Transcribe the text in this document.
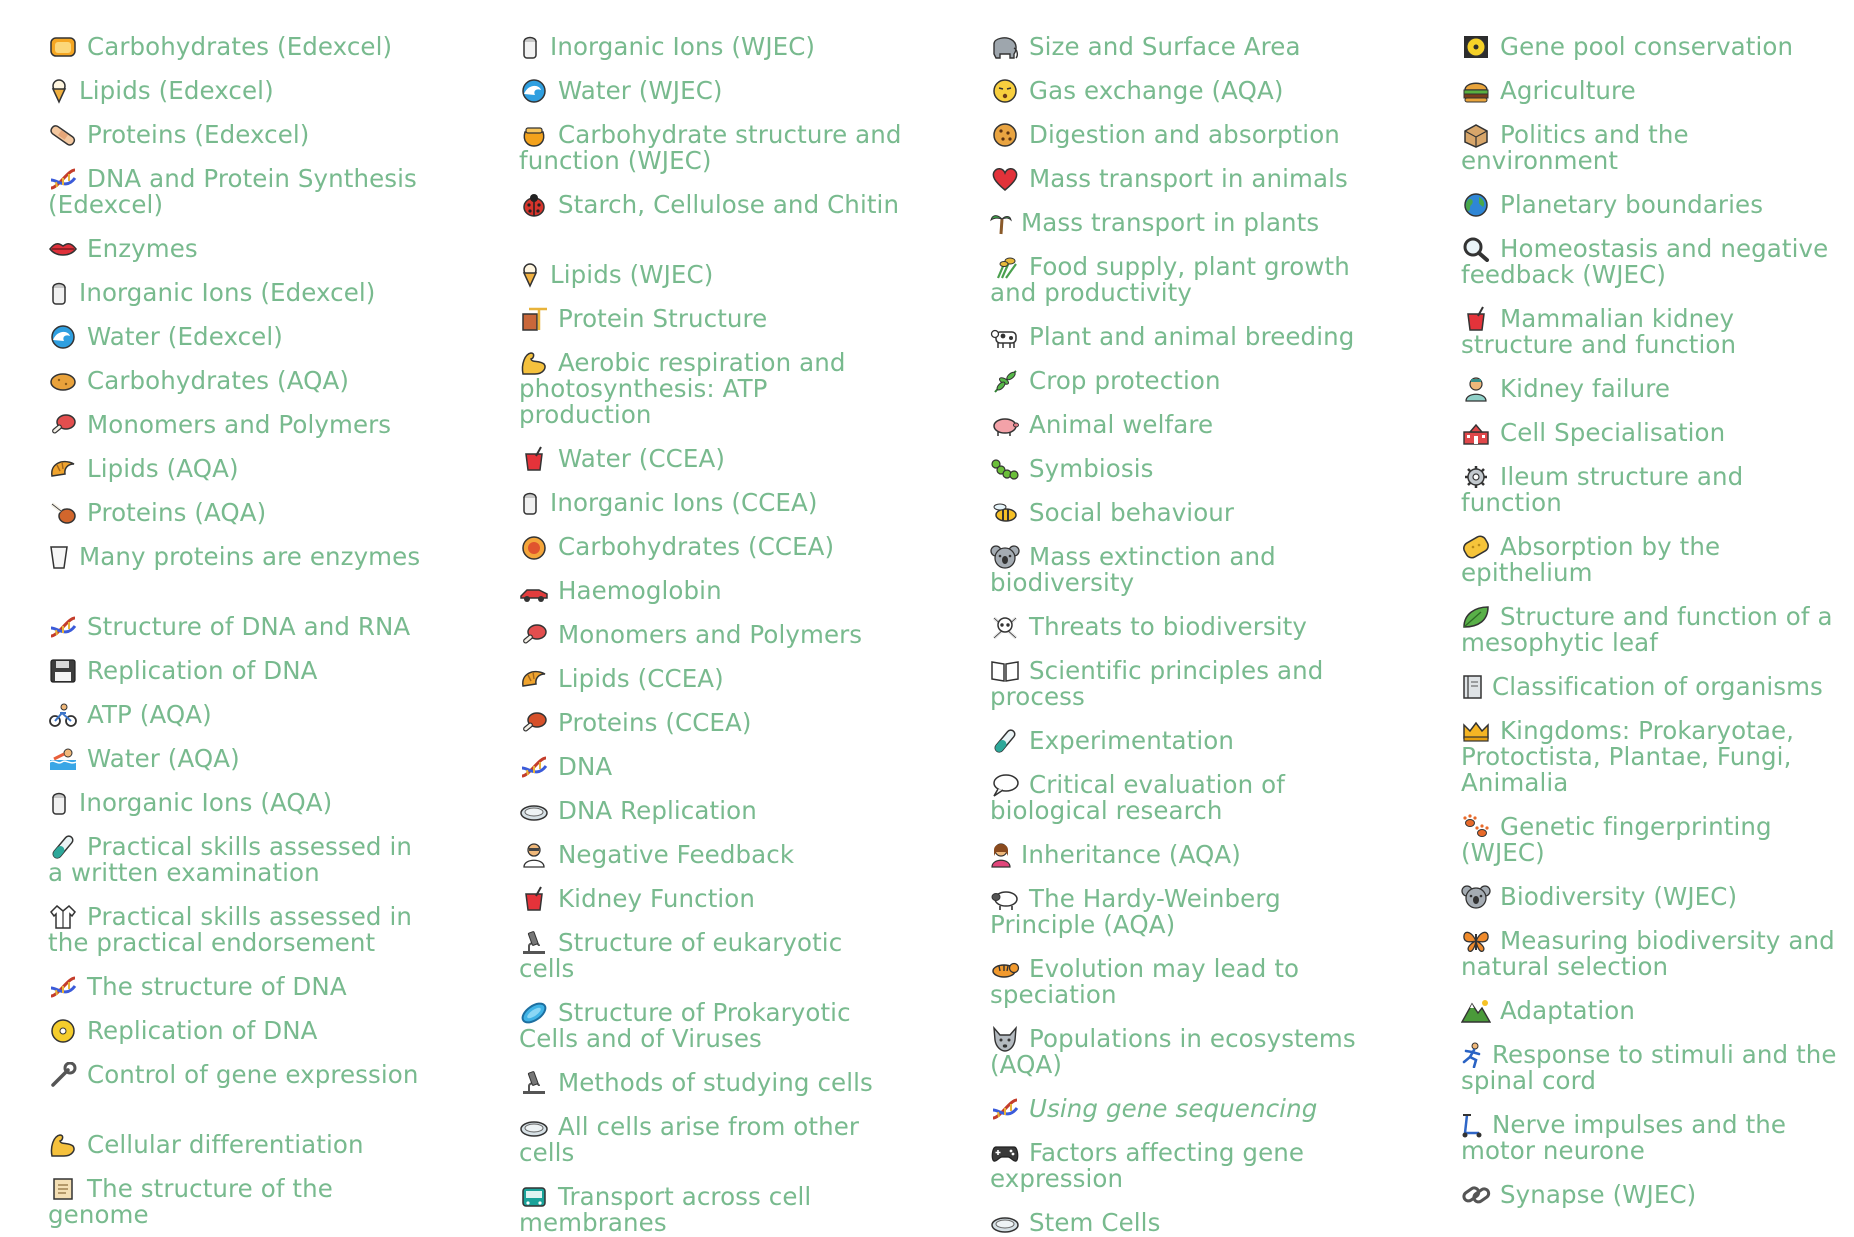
Carbohydrates (Edexcel)
Lipids (Edexcel)
Proteins (Edexcel)
DNA and Protein Synthesis (Edexcel)
Enzymes
Inorganic Ions (Edexcel)
Water (Edexcel)
Carbohydrates (AQA)
Monomers and Polymers
Lipids (AQA)
Proteins (AQA)
Many proteins are enzymes
Structure of DNA and RNA
Replication of DNA
ATP (AQA)
Water (AQA)
Inorganic Ions (AQA)
Practical skills assessed in a written examination
Practical skills assessed in the practical endorsement
The structure of DNA
Replication of DNA
Control of gene expression
Cellular differentiation
The structure of the genome
Inorganic Ions (WJEC)
Water (WJEC)
Carbohydrate structure and function (WJEC)
Starch, Cellulose and Chitin
Lipids (WJEC)
Protein Structure
Aerobic respiration and photosynthesis: ATP production
Water (CCEA)
Inorganic Ions (CCEA)
Carbohydrates (CCEA)
Haemoglobin
Monomers and Polymers
Lipids (CCEA)
Proteins (CCEA)
DNA
DNA Replication
Negative Feedback
Kidney Function
Structure of eukaryotic cells
Structure of Prokaryotic Cells and of Viruses
Methods of studying cells
All cells arise from other cells
Transport across cell membranes
Size and Surface Area
Gas exchange (AQA)
Digestion and absorption
Mass transport in animals
Mass transport in plants
Food supply, plant growth and productivity
Plant and animal breeding
Crop protection
Animal welfare
Symbiosis
Social behaviour
Mass extinction and biodiversity
Threats to biodiversity
Scientific principles and process
Experimentation
Critical evaluation of biological research
Inheritance (AQA)
The Hardy-Weinberg Principle (AQA)
Evolution may lead to speciation
Populations in ecosystems (AQA)
Using gene sequencing
Factors affecting gene expression
Stem Cells
Gene pool conservation
Agriculture
Politics and the environment
Planetary boundaries
Homeostasis and negative feedback (WJEC)
Mammalian kidney structure and function
Kidney failure
Cell Specialisation
Ileum structure and function
Absorption by the epithelium
Structure and function of a mesophytic leaf
Classification of organisms
Kingdoms: Prokaryotae, Protoctista, Plantae, Fungi, Animalia
Genetic fingerprinting (WJEC)
Biodiversity (WJEC)
Measuring biodiversity and natural selection
Adaptation
Response to stimuli and the spinal cord
Nerve impulses and the motor neurone
Synapse (WJEC)
